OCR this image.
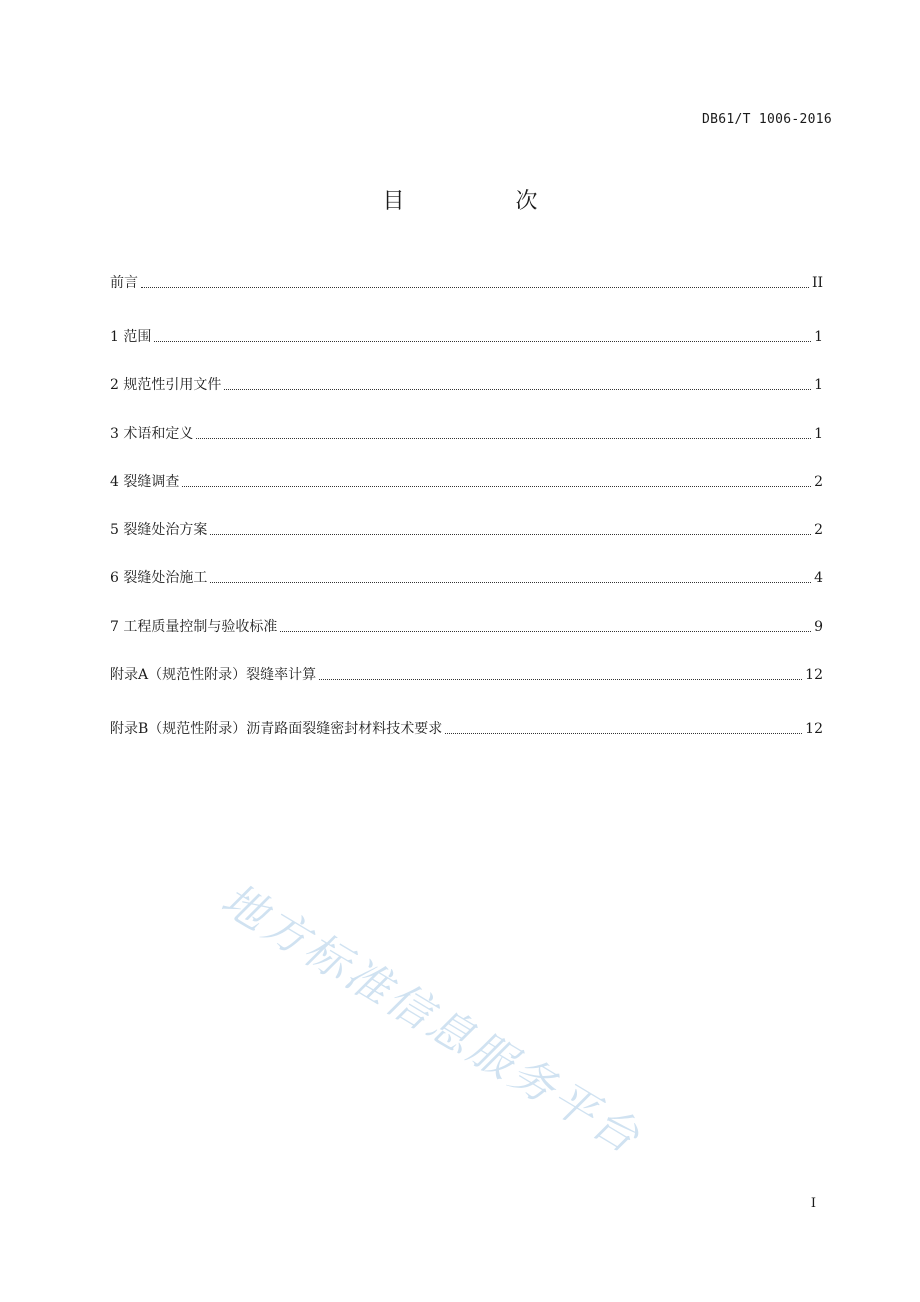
DB61/T 1006-2016
目 次
前言	II
1 范围	1
2 规范性引用文件	1
3 术语和定义	1
4 裂缝调查	2
5 裂缝处治方案	2
6 裂缝处治施工	4
7 工程质量控制与验收标准	9
附录A（规范性附录）裂缝率计算	12
附录B（规范性附录）沥青路面裂缝密封材料技术要求	12
地方标准信息服务平台
I
